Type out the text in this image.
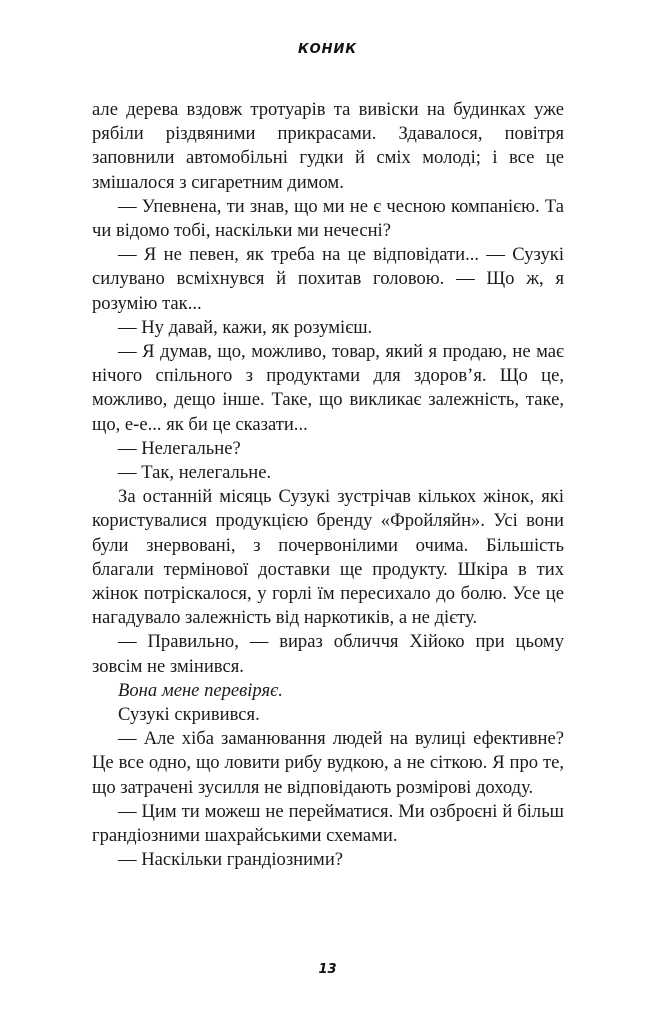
КОНИК

але дерева вздовж тротуарів та вивіски на будинках уже рябіли різдвяними прикрасами. Здавалося, повітря заповнили автомобільні гудки й сміх молоді; і все це змішалося з сигаретним димом.

— Упевнена, ти знав, що ми не є чесною компанією. Та чи відомо тобі, наскільки ми нечесні?

— Я не певен, як треба на це відповідати... — Сузукі силувано всміхнувся й похитав головою. — Що ж, я розумію так...

— Ну давай, кажи, як розумієш.

— Я думав, що, можливо, товар, який я продаю, не має нічого спільного з продуктами для здоров’я. Що це, можливо, дещо інше. Таке, що викликає залежність, таке, що, е-е... як би це сказати...

— Нелегальне?

— Так, нелегальне.

За останній місяць Сузукі зустрічав кількох жінок, які користувалися продукцією бренду «Фройляйн». Усі вони були знервовані, з почервонілими очима. Більшість благали термінової доставки ще продукту. Шкіра в тих жінок потріскалося, у горлі їм пересихало до болю. Усе це нагадувало залежність від наркотиків, а не дієту.

— Правильно, — вираз обличчя Хійоко при цьому зовсім не змінився.

Вона мене перевіряє.

Сузукі скривився.

— Але хіба заманювання людей на вулиці ефективне? Це все одно, що ловити рибу вудкою, а не сіткою. Я про те, що затрачені зусилля не відповідають розмірові доходу.

— Цим ти можеш не перейматися. Ми озброєні й більш грандіозними шахрайськими схемами.

— Наскільки грандіозними?

13
